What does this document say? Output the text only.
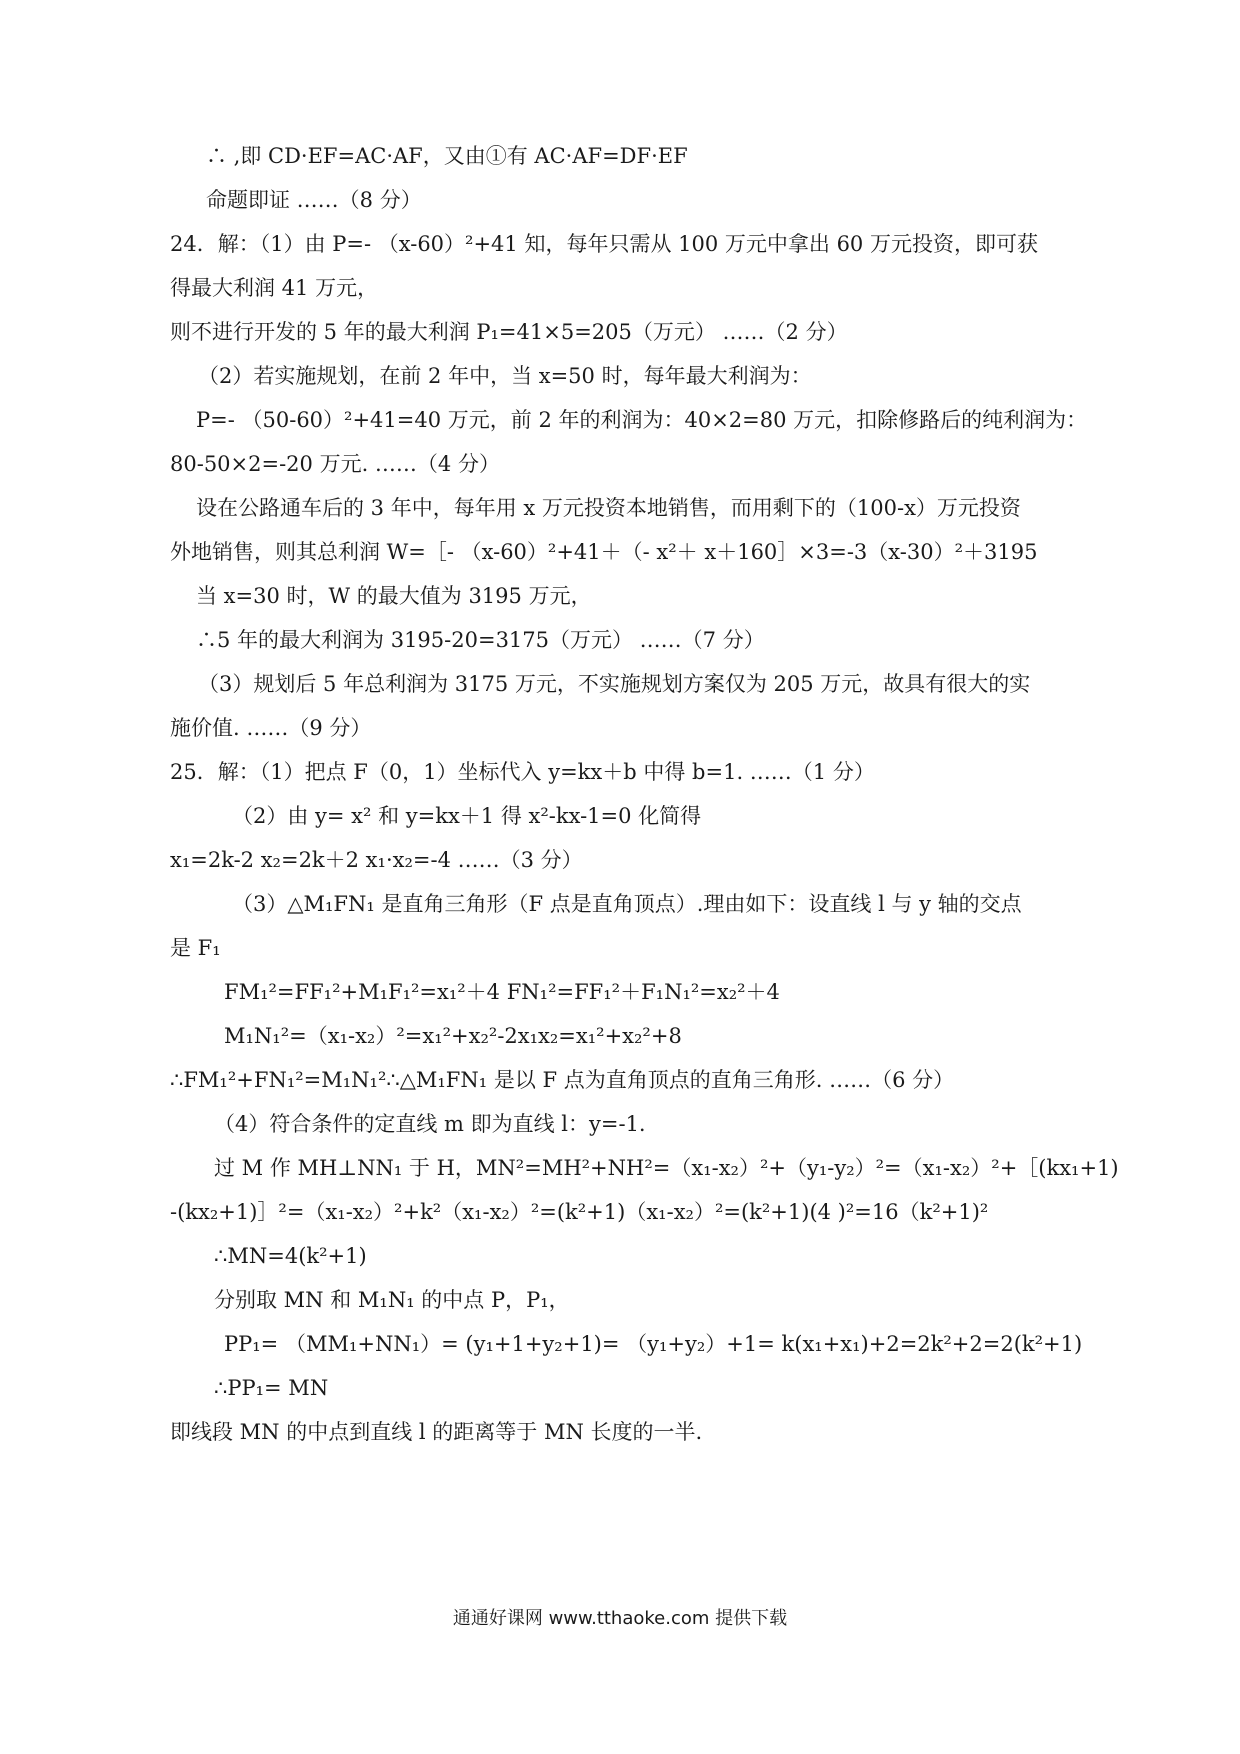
∴ ,即 CD·EF=AC·AF，又由①有 AC·AF=DF·EF
命题即证 ……（8 分）
24．解：（1）由 P=- （x-60）²+41 知，每年只需从 100 万元中拿出 60 万元投资，即可获
得最大利润 41 万元，
则不进行开发的 5 年的最大利润 P₁=41×5=205（万元） ……（2 分）
（2）若实施规划，在前 2 年中，当 x=50 时，每年最大利润为：
P=- （50-60）²+41=40 万元，前 2 年的利润为：40×2=80 万元，扣除修路后的纯利润为：
80-50×2=-20 万元. ……（4 分）
设在公路通车后的 3 年中，每年用 x 万元投资本地销售，而用剩下的（100-x）万元投资
外地销售，则其总利润 W=［- （x-60）²+41＋（- x²＋ x＋160］×3=-3（x-30）²＋3195
当 x=30 时，W 的最大值为 3195 万元，
∴5 年的最大利润为 3195-20=3175（万元） ……（7 分）
（3）规划后 5 年总利润为 3175 万元，不实施规划方案仅为 205 万元，故具有很大的实
施价值. ……（9 分）
25．解：（1）把点 F（0，1）坐标代入 y=kx＋b 中得 b=1. ……（1 分）
（2）由 y= x² 和 y=kx＋1 得 x²-kx-1=0 化简得
x₁=2k-2 x₂=2k＋2 x₁·x₂=-4 ……（3 分）
（3）△M₁FN₁ 是直角三角形（F 点是直角顶点）.理由如下：设直线 l 与 y 轴的交点
是 F₁
FM₁²=FF₁²+M₁F₁²=x₁²＋4 FN₁²=FF₁²＋F₁N₁²=x₂²＋4
M₁N₁²=（x₁-x₂）²=x₁²+x₂²-2x₁x₂=x₁²+x₂²+8
∴FM₁²+FN₁²=M₁N₁²∴△M₁FN₁ 是以 F 点为直角顶点的直角三角形. ……（6 分）
（4）符合条件的定直线 m 即为直线 l：y=-1.
过 M 作 MH⊥NN₁ 于 H，MN²=MH²+NH²=（x₁-x₂）²+（y₁-y₂）²=（x₁-x₂）²+［(kx₁+1)
-(kx₂+1)］²=（x₁-x₂）²+k²（x₁-x₂）²=(k²+1)（x₁-x₂）²=(k²+1)(4 )²=16（k²+1)²
∴MN=4(k²+1)
分别取 MN 和 M₁N₁ 的中点 P，P₁，
PP₁= （MM₁+NN₁）= (y₁+1+y₂+1)= （y₁+y₂）+1= k(x₁+x₁)+2=2k²+2=2(k²+1)
∴PP₁= MN
即线段 MN 的中点到直线 l 的距离等于 MN 长度的一半.
通通好课网 www.tthaoke.com 提供下载
